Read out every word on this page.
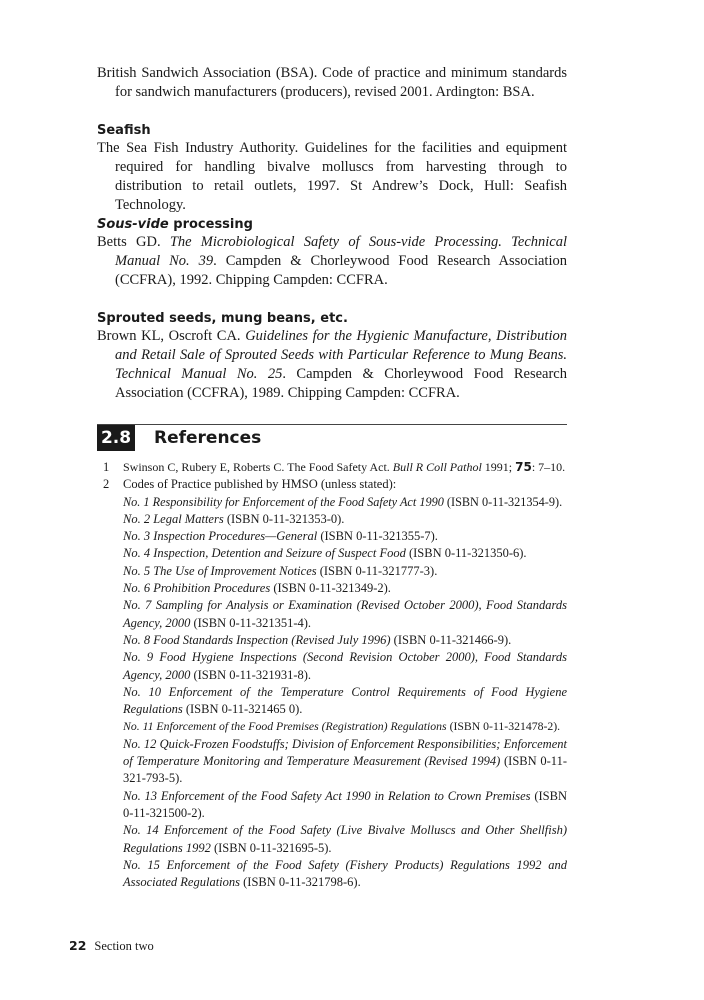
British Sandwich Association (BSA). Code of practice and minimum standards for sandwich manufacturers (producers), revised 2001. Ardington: BSA.

Seafish

The Sea Fish Industry Authority. Guidelines for the facilities and equipment required for handling bivalve molluscs from harvesting through to distribution to retail outlets, 1997. St Andrew’s Dock, Hull: Seafish Technology.

Sous-vide processing

Betts GD. The Microbiological Safety of Sous-vide Processing. Technical Manual No. 39. Campden & Chorleywood Food Research Association (CCFRA), 1992. Chipping Campden: CCFRA.

Sprouted seeds, mung beans, etc.

Brown KL, Oscroft CA. Guidelines for the Hygienic Manufacture, Distribution and Retail Sale of Sprouted Seeds with Particular Reference to Mung Beans. Technical Manual No. 25. Campden & Chorleywood Food Research Association (CCFRA), 1989. Chipping Campden: CCFRA.

2.8 References
1 Swinson C, Rubery E, Roberts C. The Food Safety Act. Bull R Coll Pathol 1991; 75: 7–10.
2 Codes of Practice published by HMSO (unless stated):
No. 1 Responsibility for Enforcement of the Food Safety Act 1990 (ISBN 0-11-321354-9).
No. 2 Legal Matters (ISBN 0-11-321353-0).
No. 3 Inspection Procedures—General (ISBN 0-11-321355-7).
No. 4 Inspection, Detention and Seizure of Suspect Food (ISBN 0-11-321350-6).
No. 5 The Use of Improvement Notices (ISBN 0-11-321777-3).
No. 6 Prohibition Procedures (ISBN 0-11-321349-2).
No. 7 Sampling for Analysis or Examination (Revised October 2000), Food Standards Agency, 2000 (ISBN 0-11-321351-4).
No. 8 Food Standards Inspection (Revised July 1996) (ISBN 0-11-321466-9).
No. 9 Food Hygiene Inspections (Second Revision October 2000), Food Standards Agency, 2000 (ISBN 0-11-321931-8).
No. 10 Enforcement of the Temperature Control Requirements of Food Hygiene Regulations (ISBN 0-11-321465 0).
No. 11 Enforcement of the Food Premises (Registration) Regulations (ISBN 0-11-321478-2).
No. 12 Quick-Frozen Foodstuffs; Division of Enforcement Responsibilities; Enforcement of Temperature Monitoring and Temperature Measurement (Revised 1994) (ISBN 0-11-321-793-5).
No. 13 Enforcement of the Food Safety Act 1990 in Relation to Crown Premises (ISBN 0-11-321500-2).
No. 14 Enforcement of the Food Safety (Live Bivalve Molluscs and Other Shellfish) Regulations 1992 (ISBN 0-11-321695-5).
No. 15 Enforcement of the Food Safety (Fishery Products) Regulations 1992 and Associated Regulations (ISBN 0-11-321798-6).
22 Section two
